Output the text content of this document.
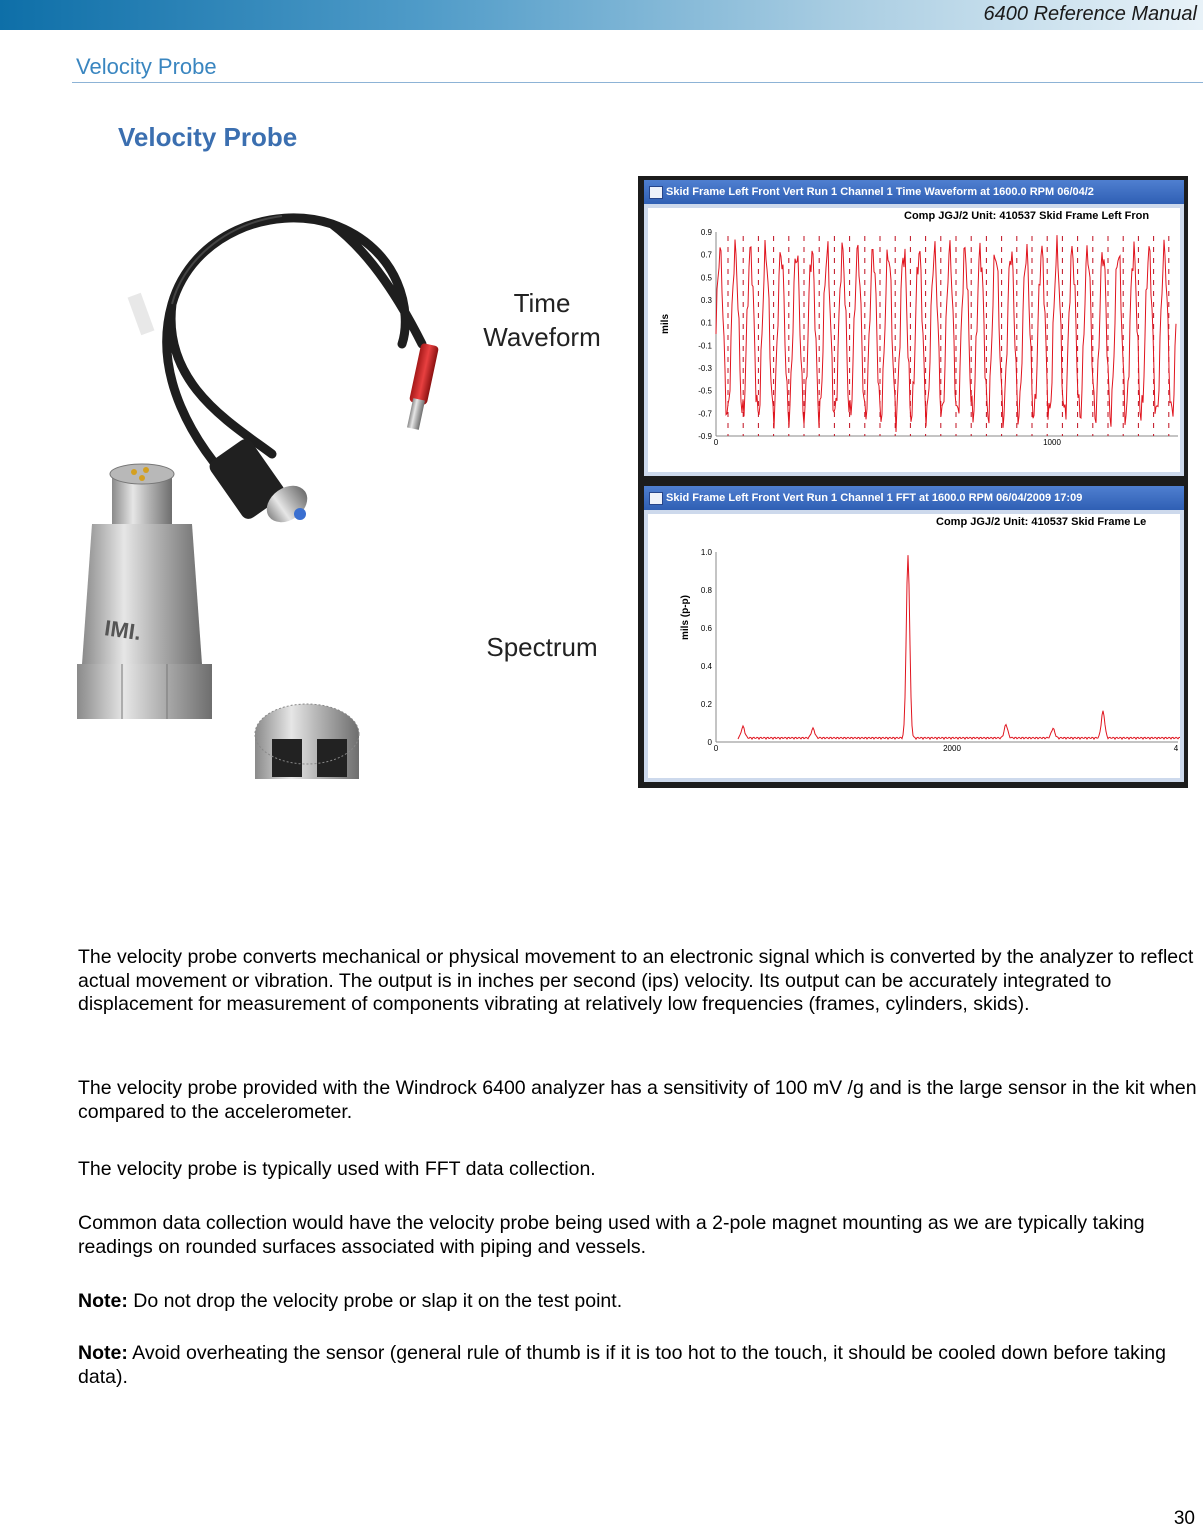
6400 Reference Manual
Velocity Probe
Velocity Probe
IMI.
Time
Waveform
Spectrum
Skid Frame Left Front Vert Run 1 Channel 1 Time Waveform at 1600.0 RPM 06/04/2
Comp JGJ/2 Unit: 410537 Skid Frame Left Fron
0.9
0.7
0.5
0.3
0.1
-0.1
-0.3
-0.5
-0.7
-0.9
mils
0	1000
Skid Frame Left Front Vert Run 1 Channel 1 FFT at 1600.0 RPM 06/04/2009 17:09
Comp JGJ/2 Unit: 410537 Skid Frame Le
1.0
0.8
0.6
0.4
0.2
0
mils (p-p)
0	2000	4

The velocity probe converts mechanical or physical movement to an electronic signal which is converted by the analyzer to reflect actual movement or vibration. The output is in inches per second (ips) velocity. Its output can be accurately integrated to displacement for measurement of components vibrating at relatively low frequencies (frames, cylinders, skids).

The velocity probe provided with the Windrock 6400 analyzer has a sensitivity of 100 mV /g and is the large sensor in the kit when compared to the accelerometer.

The velocity probe is typically used with FFT data collection.

Common data collection would have the velocity probe being used with a 2-pole magnet mounting as we are typically taking readings on rounded surfaces associated with piping and vessels.

Note: Do not drop the velocity probe or slap it on the test point.

Note: Avoid overheating the sensor (general rule of thumb is if it is too hot to the touch, it should be cooled down before taking data).

30
